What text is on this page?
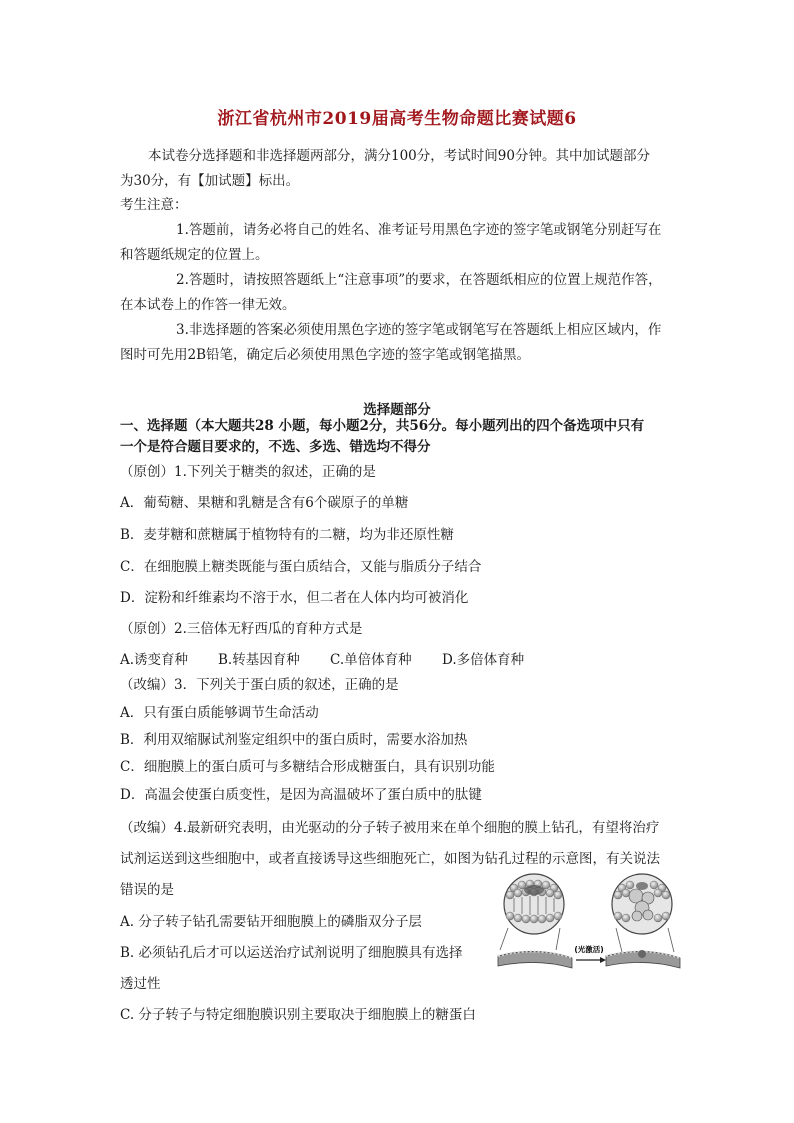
浙江省杭州市2019届高考生物命题比赛试题6
本试卷分选择题和非选择题两部分，满分100分，考试时间90分钟。其中加试题部分
为30分，有【加试题】标出。
考生注意：
1.答题前，请务必将自己的姓名、准考证号用黑色字迹的签字笔或钢笔分别赶写在
和答题纸规定的位置上。
2.答题时，请按照答题纸上“注意事项”的要求，在答题纸相应的位置上规范作答，
在本试卷上的作答一律无效。
3.非选择题的答案必须使用黑色字迹的签字笔或钢笔写在答题纸上相应区域内，作
图时可先用2B铅笔，确定后必须使用黑色字迹的签字笔或钢笔描黑。
选择题部分
一、选择题（本大题共28 小题，每小题2分，共56分。每小题列出的四个备选项中只有
一个是符合题目要求的，不选、多选、错选均不得分
（原创）1.下列关于糖类的叙述，正确的是
A．葡萄糖、果糖和乳糖是含有6个碳原子的单糖
B．麦芽糖和蔗糖属于植物特有的二糖，均为非还原性糖
C．在细胞膜上糖类既能与蛋白质结合，又能与脂质分子结合
D．淀粉和纤维素均不溶于水，但二者在人体内均可被消化
（原创）2.三倍体无籽西瓜的育种方式是
A.诱变育种 B.转基因育种 C.单倍体育种 D.多倍体育种
（改编）3．下列关于蛋白质的叙述，正确的是
A．只有蛋白质能够调节生命活动
B．利用双缩脲试剂鉴定组织中的蛋白质时，需要水浴加热
C．细胞膜上的蛋白质可与多糖结合形成糖蛋白，具有识别功能
D．高温会使蛋白质变性，是因为高温破坏了蛋白质中的肽键
（改编）4.最新研究表明，由光驱动的分子转子被用来在单个细胞的膜上钻孔，有望将治疗
试剂运送到这些细胞中，或者直接诱导这些细胞死亡，如图为钻孔过程的示意图，有关说法
错误的是
A. 分子转子钻孔需要钻开细胞膜上的磷脂双分子层
B. 必须钻孔后才可以运送治疗试剂说明了细胞膜具有选择
透过性
C. 分子转子与特定细胞膜识别主要取决于细胞膜上的糖蛋白
(光激活)
